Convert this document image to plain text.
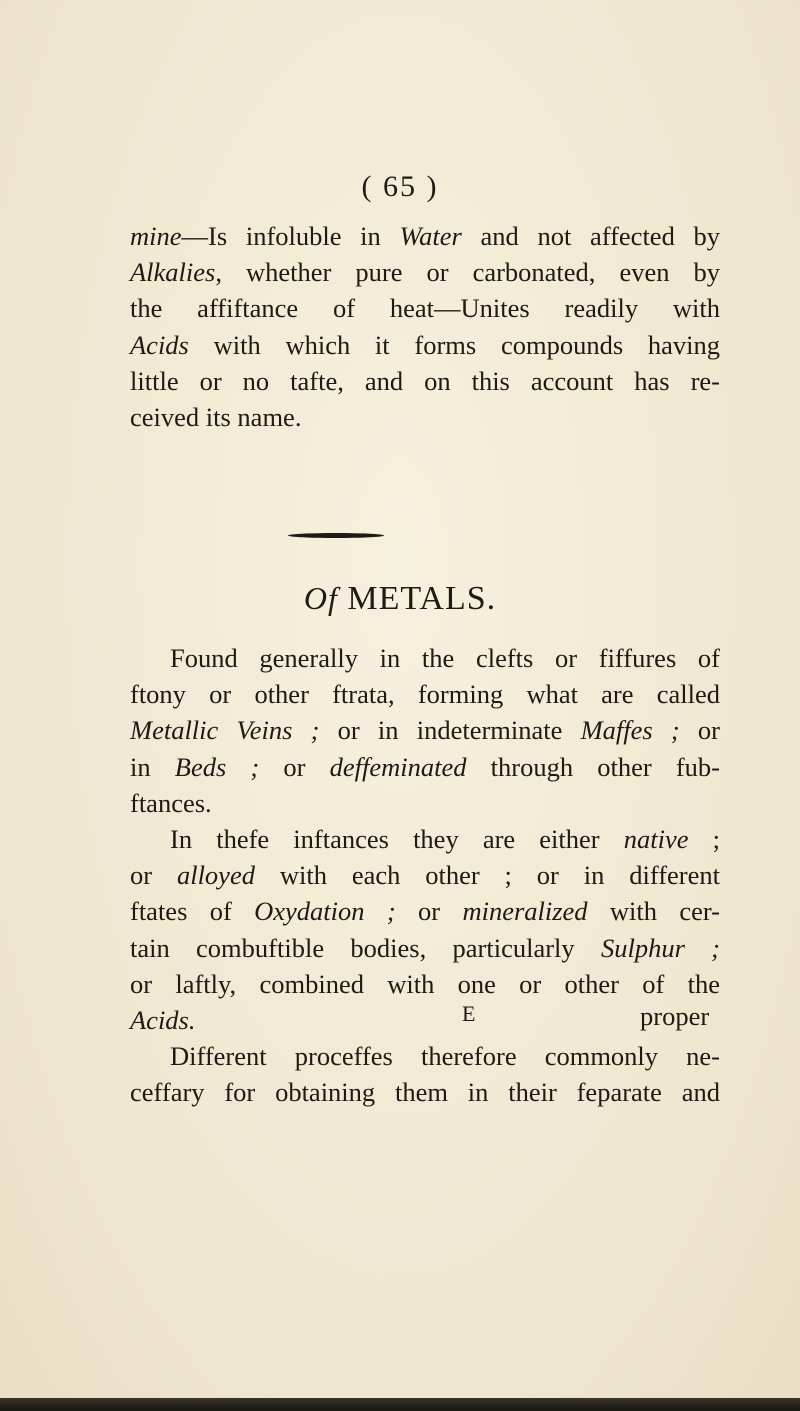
( 65 )
mine—Is infoluble in Water and not affected by
Alkalies, whether pure or carbonated, even by
the affiftance of heat—Unites readily with
Acids with which it forms compounds having
little or no tafte, and on this account has re-
ceived its name.
Of METALS.
Found generally in the clefts or fiffures of
ftony or other ftrata, forming what are called
Metallic Veins ; or in indeterminate Maffes ; or
in Beds ; or deffeminated through other fub-
ftances.
In thefe inftances they are either native ;
or alloyed with each other ; or in different
ftates of Oxydation ; or mineralized with cer-
tain combuftible bodies, particularly Sulphur ;
or laftly, combined with one or other of the
Acids.
Different proceffes therefore commonly ne-
ceffary for obtaining them in their feparate and
E	proper
